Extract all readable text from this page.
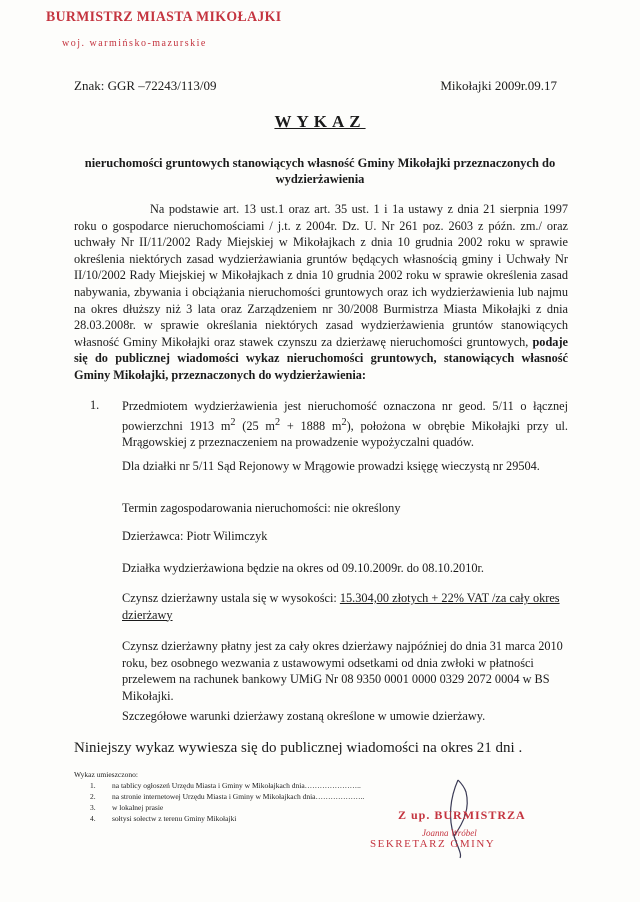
BURMISTRZ MIASTA MIKOŁAJKI
woj. warmińsko-mazurskie
Znak: GGR –72243/113/09	Mikołajki 2009r.09.17
WYKAZ
nieruchomości gruntowych stanowiących własność Gminy Mikołajki przeznaczonych do wydzierżawienia
Na podstawie art. 13 ust.1 oraz art. 35 ust. 1 i 1a ustawy z dnia 21 sierpnia 1997 roku o gospodarce nieruchomościami / j.t. z 2004r. Dz. U. Nr 261 poz. 2603 z późn. zm./ oraz uchwały Nr II/11/2002 Rady Miejskiej w Mikołajkach z dnia 10 grudnia 2002 roku w sprawie określenia niektórych zasad wydzierżawiania gruntów będących własnością gminy i Uchwały Nr II/10/2002 Rady Miejskiej w Mikołajkach z dnia 10 grudnia 2002 roku w sprawie określenia zasad nabywania, zbywania i obciążania nieruchomości gruntowych oraz ich wydzierżawienia lub najmu na okres dłuższy niż 3 lata oraz Zarządzeniem nr 30/2008 Burmistrza Miasta Mikołajki z dnia 28.03.2008r. w sprawie określania niektórych zasad wydzierżawienia gruntów stanowiących własność Gminy Mikołajki oraz stawek czynszu za dzierżawę nieruchomości gruntowych, podaje się do publicznej wiadomości wykaz nieruchomości gruntowych, stanowiących własność Gminy Mikołajki, przeznaczonych do wydzierżawienia:
1. Przedmiotem wydzierżawienia jest nieruchomość oznaczona nr geod. 5/11 o łącznej powierzchni 1913 $m^2$ (25 $m^2 + 1888$ $m^2$), położona w obrębie Mikołajki przy ul. Mrągowskiej z przeznaczeniem na prowadzenie wypożyczalni quadów.
Dla działki nr 5/11 Sąd Rejonowy w Mrągowie prowadzi księgę wieczystą nr 29504.
Termin zagospodarowania nieruchomości: nie określony
Dzierżawca: Piotr Wilimczyk
Działka wydzierżawiona będzie na okres od 09.10.2009r. do 08.10.2010r.
Czynsz dzierżawny ustala się w wysokości: 15.304,00 złotych + 22% VAT /za cały okres dzierżawy
Czynsz dzierżawny płatny jest za cały okres dzierżawy najpóźniej do dnia 31 marca 2010 roku, bez osobnego wezwania z ustawowymi odsetkami od dnia zwłoki w płatności przelewem na rachunek bankowy UMiG Nr 08 9350 0001 0000 0329 2072 0004 w BS Mikołajki.
Szczegółowe warunki dzierżawy zostaną określone w umowie dzierżawy.
Niniejszy wykaz wywiesza się do publicznej wiadomości na okres 21 dni .
Wykaz umieszczono:
1. na tablicy ogłoszeń Urzędu Miasta i Gminy w Mikołajkach dnia…………………..
2. na stronie internetowej Urzędu Miasta i Gminy w Mikołajkach dnia………………..
3. w lokalnej prasie
4. sołtysi sołectw z terenu Gminy Mikołajki	Z up. BURMISTRZA
Joanna Wróbel
SEKRETARZ GMINY
